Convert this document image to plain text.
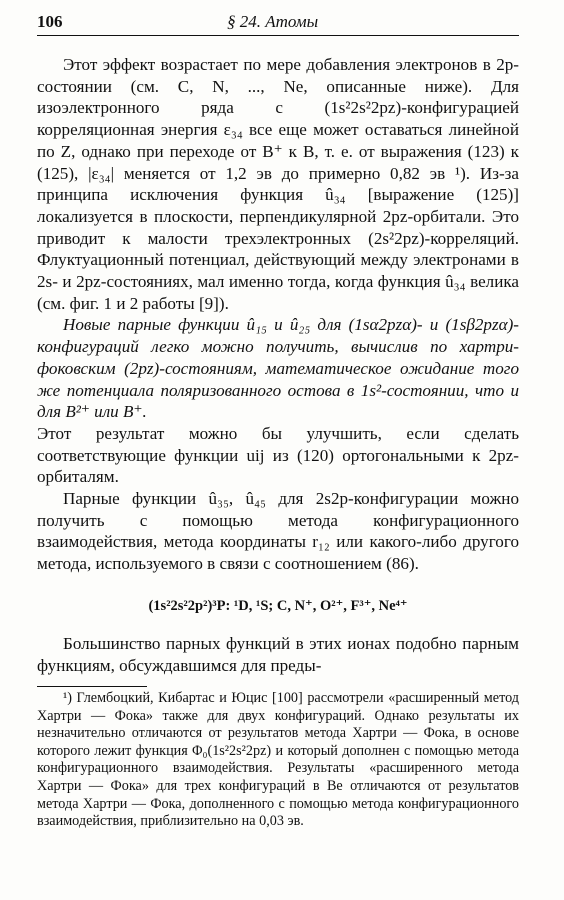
106	§ 24. Атомы

Этот эффект возрастает по мере добавления электронов в 2p-состоянии (см. C, N, ..., Ne, описанные ниже). Для изоэлектронного ряда с (1s²2s²2pz)-конфигурацией корреляционная энергия ε₃₄ все еще может оставаться линейной по Z, однако при переходе от B⁺ к B, т. е. от выражения (123) к (125), |ε₃₄| меняется от 1,2 эв до примерно 0,82 эв ¹). Из-за принципа исключения функция û₃₄ [выражение (125)] локализуется в плоскости, перпендикулярной 2pz-орбитали. Это приводит к малости трехэлектронных (2s²2pz)-корреляций. Флуктуационный потенциал, действующий между электронами в 2s- и 2pz-состояниях, мал именно тогда, когда функция û₃₄ велика (см. фиг. 1 и 2 работы [9]).

Новые парные функции û₁₅ и û₂₅ для (1sα2pzα)- и (1sβ2pzα)-конфигураций легко можно получить, вычислив по хартри-фоковским (2pz)-состояниям, математическое ожидание того же потенциала поляризованного остова в 1s²-состоянии, что и для B²⁺ или B⁺.

Этот результат можно бы улучшить, если сделать соответствующие функции uij из (120) ортогональными к 2pz-орбиталям.

Парные функции û₃₅, û₄₅ для 2s2p-конфигурации можно получить с помощью метода конфигурационного взаимодействия, метода координаты r₁₂ или какого-либо другого метода, используемого в связи с соотношением (86).

(1s²2s²2p²)³P: ¹D, ¹S; C, N⁺, O²⁺, F³⁺, Ne⁴⁺

Большинство парных функций в этих ионах подобно парным функциям, обсуждавшимся для преды-

¹) Глембоцкий, Кибартас и Юцис [100] рассмотрели «расширенный метод Хартри — Фока» также для двух конфигураций. Однако результаты их незначительно отличаются от результатов метода Хартри — Фока, в основе которого лежит функция Φ₀(1s²2s²2pz) и который дополнен с помощью метода конфигурационного взаимодействия. Результаты «расширенного метода Хартри — Фока» для трех конфигураций в Be отличаются от результатов метода Хартри — Фока, дополненного с помощью метода конфигурационного взаимодействия, приблизительно на 0,03 эв.
